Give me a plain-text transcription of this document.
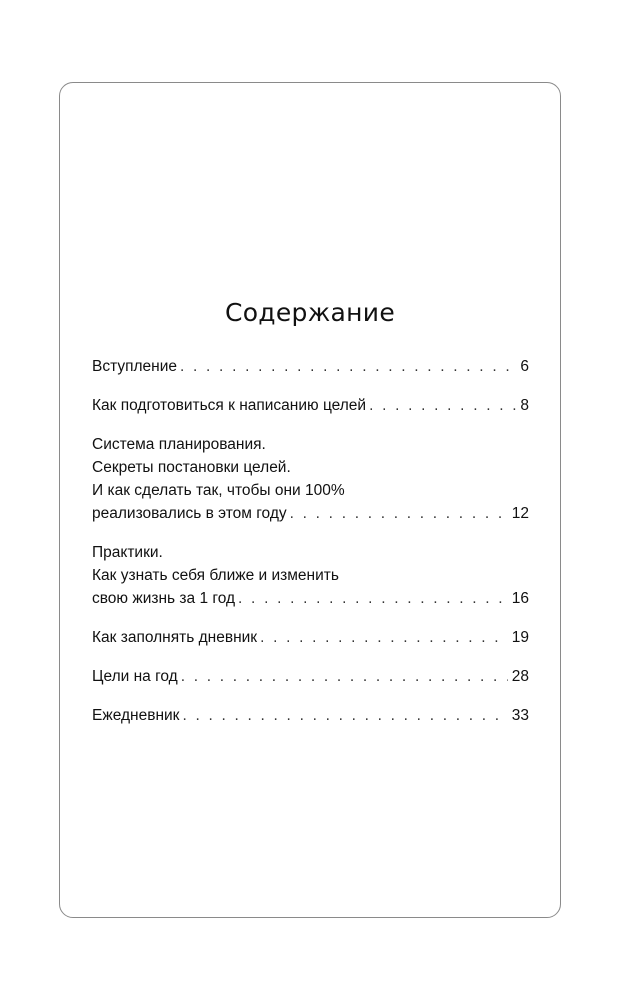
Содержание
Вступление . . .	6
Как подготовиться к написанию целей . . .	8
Система планирования.
Секреты постановки целей.
И как сделать так, чтобы они 100%
реализовались в этом году . . .	12
Практики.
Как узнать себя ближе и изменить
свою жизнь за 1 год . . .	16
Как заполнять дневник . . .	19
Цели на год . . .	28
Ежедневник . . .	33
